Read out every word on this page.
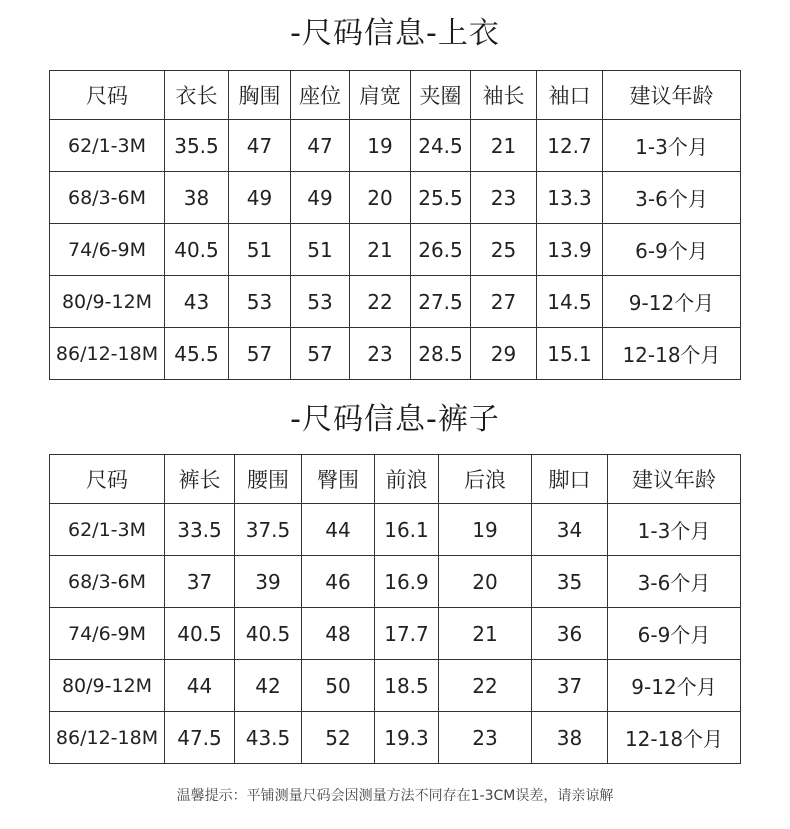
-尺码信息-上衣
尺码	衣长	胸围	座位	肩宽	夹圈	袖长	袖口	建议年龄
62/1-3M	35.5	47	47	19	24.5	21	12.7	1-3个月
68/3-6M	38	49	49	20	25.5	23	13.3	3-6个月
74/6-9M	40.5	51	51	21	26.5	25	13.9	6-9个月
80/9-12M	43	53	53	22	27.5	27	14.5	9-12个月
86/12-18M	45.5	57	57	23	28.5	29	15.1	12-18个月
-尺码信息-裤子
尺码	裤长	腰围	臀围	前浪	后浪	脚口	建议年龄
62/1-3M	33.5	37.5	44	16.1	19	34	1-3个月
68/3-6M	37	39	46	16.9	20	35	3-6个月
74/6-9M	40.5	40.5	48	17.7	21	36	6-9个月
80/9-12M	44	42	50	18.5	22	37	9-12个月
86/12-18M	47.5	43.5	52	19.3	23	38	12-18个月
温馨提示：平铺测量尺码会因测量方法不同存在1-3CM误差，请亲谅解
